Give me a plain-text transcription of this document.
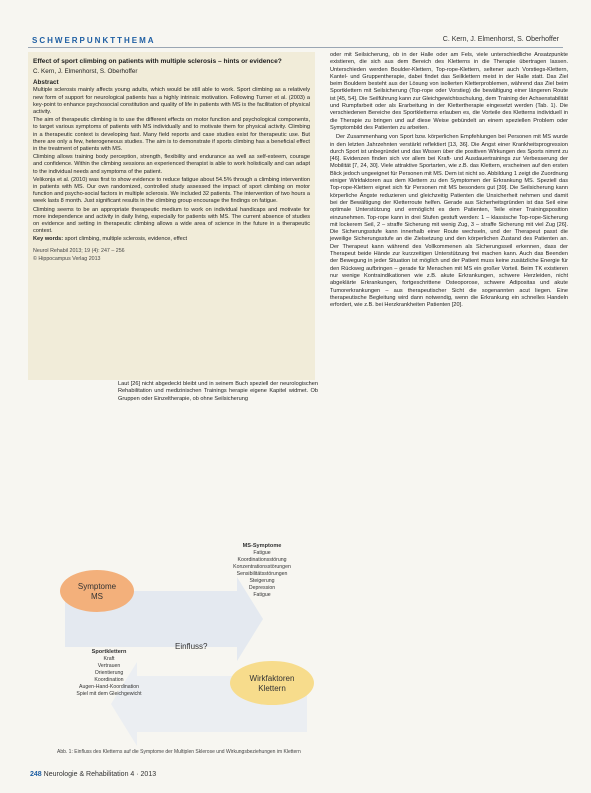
SCHWERPUNKTTHEMA	C. Kern, J. Elmenhorst, S. Oberhoffer
Effect of sport climbing on patients with multiple sclerosis – hints or evidence?
C. Kern, J. Elmenhorst, S. Oberhoffer
Abstract

Multiple sclerosis mainly affects young adults, which would be still able to work. Sport climbing as a relatively new form of support for neurological patients has a highly intrinsic motivation. Following Turner et al. (2003) a key-point to enhance psychosocial constitution and quality of life in patients with MS is the facilitation of physical activity.

The aim of therapeutic climbing is to use the different effects on motor function and psychological components, to target various symptoms of patients with MS individually and to motivate them for physical activity. Climbing in a therapeutic context is developing fast. Many field reports and case studies exist for therapeutic use. But there are only a few, heterogeneous studies. The aim is to demonstrate if sports climbing has a beneficial effect in the treatment of patients with MS.

Climbing allows training body perception, strength, flexibility and endurance as well as self-esteem, courage and confidence. Within the climbing sessions an experienced therapist is able to work holistically and can adapt to the individual needs and symptoms of the patient.

Velikonja et al. (2010) was first to show evidence to reduce fatigue about 54.5% through a climbing intervention in patients with MS. Our own randomized, controlled study assessed the impact of sport climbing on motor function and psycho-social factors in multiple sclerosis. We included 32 patients. The intervention of two hours a week lasts 8 month. Just significant results in the climbing group encourage the findings on fatigue.

Climbing seems to be an appropriate therapeutic medium to work on individual handicaps and motivate for more independence and activity in daily living, especially for patients with MS. The current absence of studies on evidence and setting in therapeutic climbing allows a wide area of science in the future in a therapeutic context.

Key words: sport climbing, multiple sclerosis, evidence, effect

Neurol Rehabil 2013; 19 (4): 247 – 256
© Hippocampus Verlag 2013

oder mit Seilsicherung, ob in der Halle oder am Fels, viele unterschiedliche Ansatzpunkte existieren, die sich aus dem Bereich des Kletterns in die Therapie übertragen lassen. Unterschieden werden Boulder-Klettern, Top-rope-Klettern, seltener auch Vorstiegs-Klettern, Kantel- und Gruppentherapie, dabei findet das Seilklettern meist in der Halle statt. Das Ziel beim Bouldern besteht aus der Lösung von isolierten Kletterproblemen, während das Ziel beim Sportklettern mit Seilsicherung (Top-rope oder Vorstieg) die bewältigung einer längeren Route ist [45, 54]. Die Seilführung kann zur Gleichgewichtsschulung, dem Training der Achsenstabilität und Rumpfarbeit oder als Erarbeitung in der Klettertherapie eingesetzt werden (Tab. 1). Die verschiedenen Bereiche des Sportkletterns erlauben es, die Vorteile des Kletterns individuell in die Therapie zu bringen und auf diese Weise gebündelt an einem speziellen Problem oder Symptombild des Patienten zu arbeiten.

Der Zusammenhang von Sport bzw. körperlichen Empfehlungen bei Personen mit MS wurde in den letzten Jahrzehnten verstärkt reflektiert [13, 36]. Die Angst einer Krankheitsprogression durch Sport ist unbegründet und das Wissen über die positiven Wirkungen des Sports nimmt zu [46]. Evidenzen finden sich vor allem bei Kraft- und Ausdauertrainings zur Verbesserung der Mobilität [7, 24, 30]. Viele attraktive Sportarten, wie z.B. das Klettern, erscheinen auf den ersten Blick jedoch ungeeignet für Personen mit MS. Dem ist nicht so. Abbildung 1 zeigt die Zuordnung einiger Wirkfaktoren aus dem Klettern zu den Symptomen der Erkrankung MS. Speziell das Top-rope-Klettern eignet sich für Personen mit MS besonders gut [39]. Die Seilsicherung kann körperliche Ängste reduzieren und gleichzeitig Patienten die Unsicherheit nehmen und damit bei der Bewältigung der Kletterroute helfen. Gerade aus Sicherheitsgründen ist das Seil eine optimale Unterstützung und ermöglicht es dem Patienten, Teile einer Trainingsposition einzunehmen. Top-rope kann in drei Stufen gestuft werden: 1 – klassische Top-rope-Sicherung mit lockerem Seil, 2 – straffe Sicherung mit wenig Zug, 3 – straffe Sicherung mit viel Zug [26]. Die Sicherungsstufe kann innerhalb einer Route wechseln, und der Therapeut passt die jeweilige Sicherungsstufe an die Zielsetzung und den körperlichen Zustand des Patienten an. Der Therapeut kann während des Vollkommenen als Sicherungsseil erkennen, dass der Therapeut beide Hände zur kurzzeitigen Unterstützung frei machen kann. Auch das Beenden der Bewegung in jeder Situation ist möglich und der Patient muss keine zusätzliche Energie für den Rückweg aufbringen – gerade für Menschen mit MS ein großer Vorteil. Beim TK existieren nur wenige Kontraindikationen wie z.B. akute Erkrankungen, schwere Herzleiden, nicht abgeklärte Erkrankungen, fortgeschrittene Osteoporose, schwere Adipositas und akute Tumorerkrankungen – aus therapeutischer Sicht die sogenannten acut liegen. Eine therapeutische Begleitung wird dann notwendig, wenn die Erkrankung ein schnelles Handeln erfordert, wie z.B. bei Herzkrankheiten Patienten [20].

Laut [26] nicht abgedeckt bleibt und in seinem Buch speziell der neurologischen Rehabilitation und medizinischen Trainings herapie eigene Kapitel widmet. Ob Gruppen oder Einzeltherapie, ob ohne Seilsicherung

Symptome
MS
Wirkfaktoren
Klettern
Einfluss?
MS-Symptome
Fatigue
Koordinationsstörung
Konzentrationsstörungen
Sensibilitätsstörungen
Steigerung
Depression
Fatigue
Sportklettern
Kraft
Vertrauen
Orientierung
Koordination
Augen-Hand-Koordination
Spiel mit dem Gleichgewicht
Abb. 1: Einfluss des Kletterns auf die Symptome der Multiplen Sklerose und Wirkungsbeziehungen im Klettern
248 Neurologie & Rehabilitation 4 · 2013
